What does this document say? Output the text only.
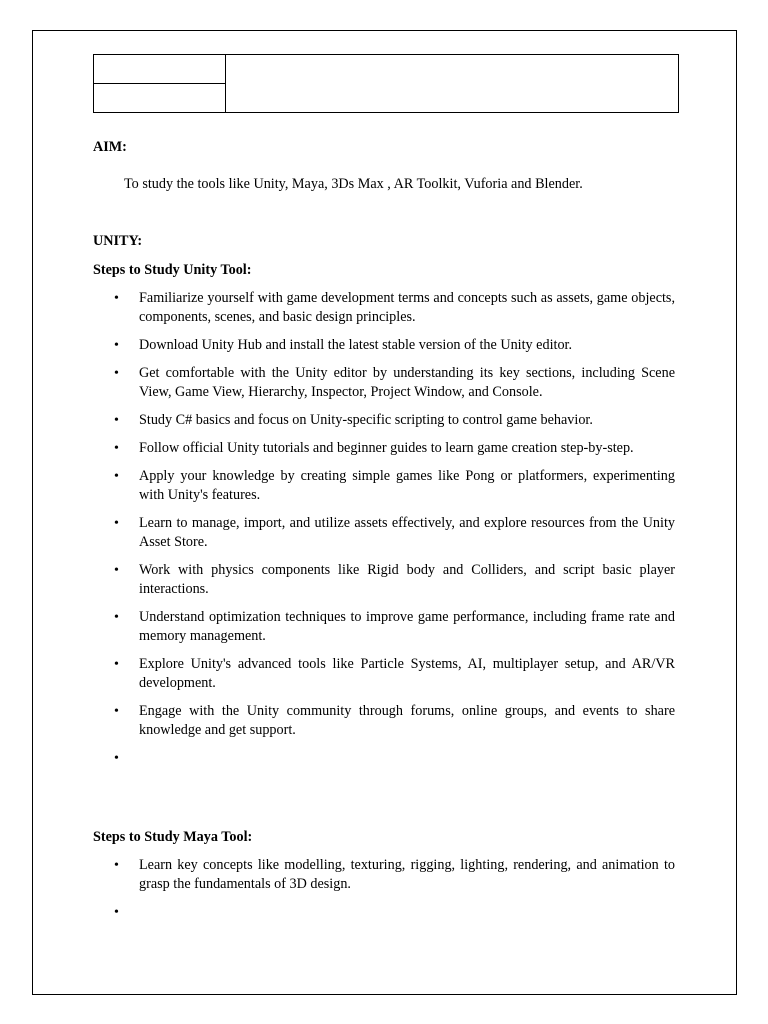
AIM:

To study the tools like Unity, Maya, 3Ds Max , AR Toolkit, Vuforia and Blender.

UNITY:

Steps to Study Unity Tool:

• Familiarize yourself with game development terms and concepts such as assets, game objects, components, scenes, and basic design principles.
• Download Unity Hub and install the latest stable version of the Unity editor.
• Get comfortable with the Unity editor by understanding its key sections, including Scene View, Game View, Hierarchy, Inspector, Project Window, and Console.
• Study C# basics and focus on Unity-specific scripting to control game behavior.
• Follow official Unity tutorials and beginner guides to learn game creation step-by-step.
• Apply your knowledge by creating simple games like Pong or platformers, experimenting with Unity's features.
• Learn to manage, import, and utilize assets effectively, and explore resources from the Unity Asset Store.
• Work with physics components like Rigid body and Colliders, and script basic player interactions.
• Understand optimization techniques to improve game performance, including frame rate and memory management.
• Explore Unity's advanced tools like Particle Systems, AI, multiplayer setup, and AR/VR development.
• Engage with the Unity community through forums, online groups, and events to share knowledge and get support.
•

Steps to Study Maya Tool:

• Learn key concepts like modelling, texturing, rigging, lighting, rendering, and animation to grasp the fundamentals of 3D design.
•
